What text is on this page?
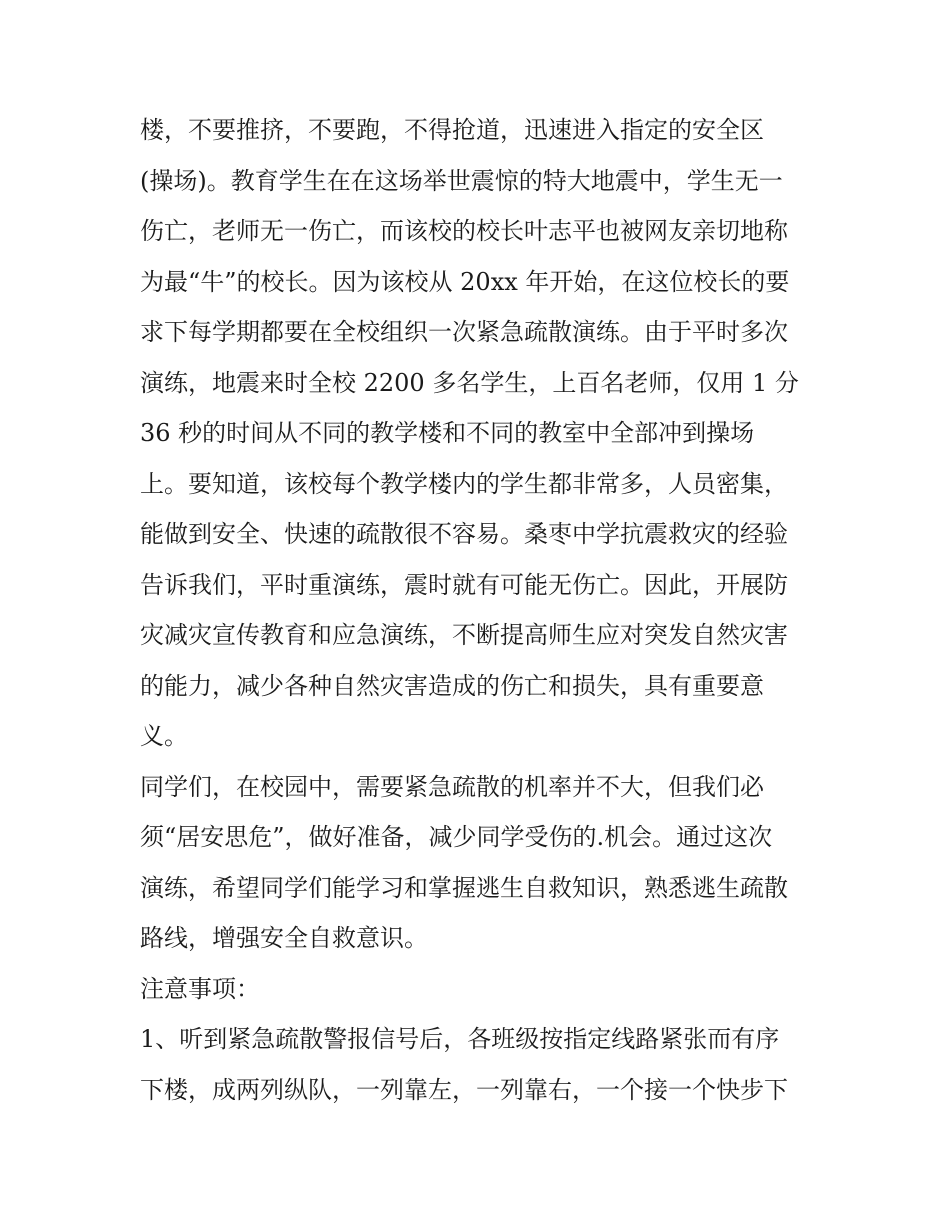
楼，不要推挤，不要跑，不得抢道，迅速进入指定的安全区
(操场)。教育学生在在这场举世震惊的特大地震中，学生无一
伤亡，老师无一伤亡，而该校的校长叶志平也被网友亲切地称
为最“牛”的校长。因为该校从 20xx 年开始，在这位校长的要
求下每学期都要在全校组织一次紧急疏散演练。由于平时多次
演练，地震来时全校 2200 多名学生，上百名老师，仅用 1 分
36 秒的时间从不同的教学楼和不同的教室中全部冲到操场
上。要知道，该校每个教学楼内的学生都非常多，人员密集，
能做到安全、快速的疏散很不容易。桑枣中学抗震救灾的经验
告诉我们，平时重演练，震时就有可能无伤亡。因此，开展防
灾减灾宣传教育和应急演练，不断提高师生应对突发自然灾害
的能力，减少各种自然灾害造成的伤亡和损失，具有重要意
义。
同学们，在校园中，需要紧急疏散的机率并不大，但我们必
须“居安思危”，做好准备，减少同学受伤的.机会。通过这次
演练，希望同学们能学习和掌握逃生自救知识，熟悉逃生疏散
路线，增强安全自救意识。
注意事项：
1、听到紧急疏散警报信号后，各班级按指定线路紧张而有序
下楼，成两列纵队，一列靠左，一列靠右，一个接一个快步下
